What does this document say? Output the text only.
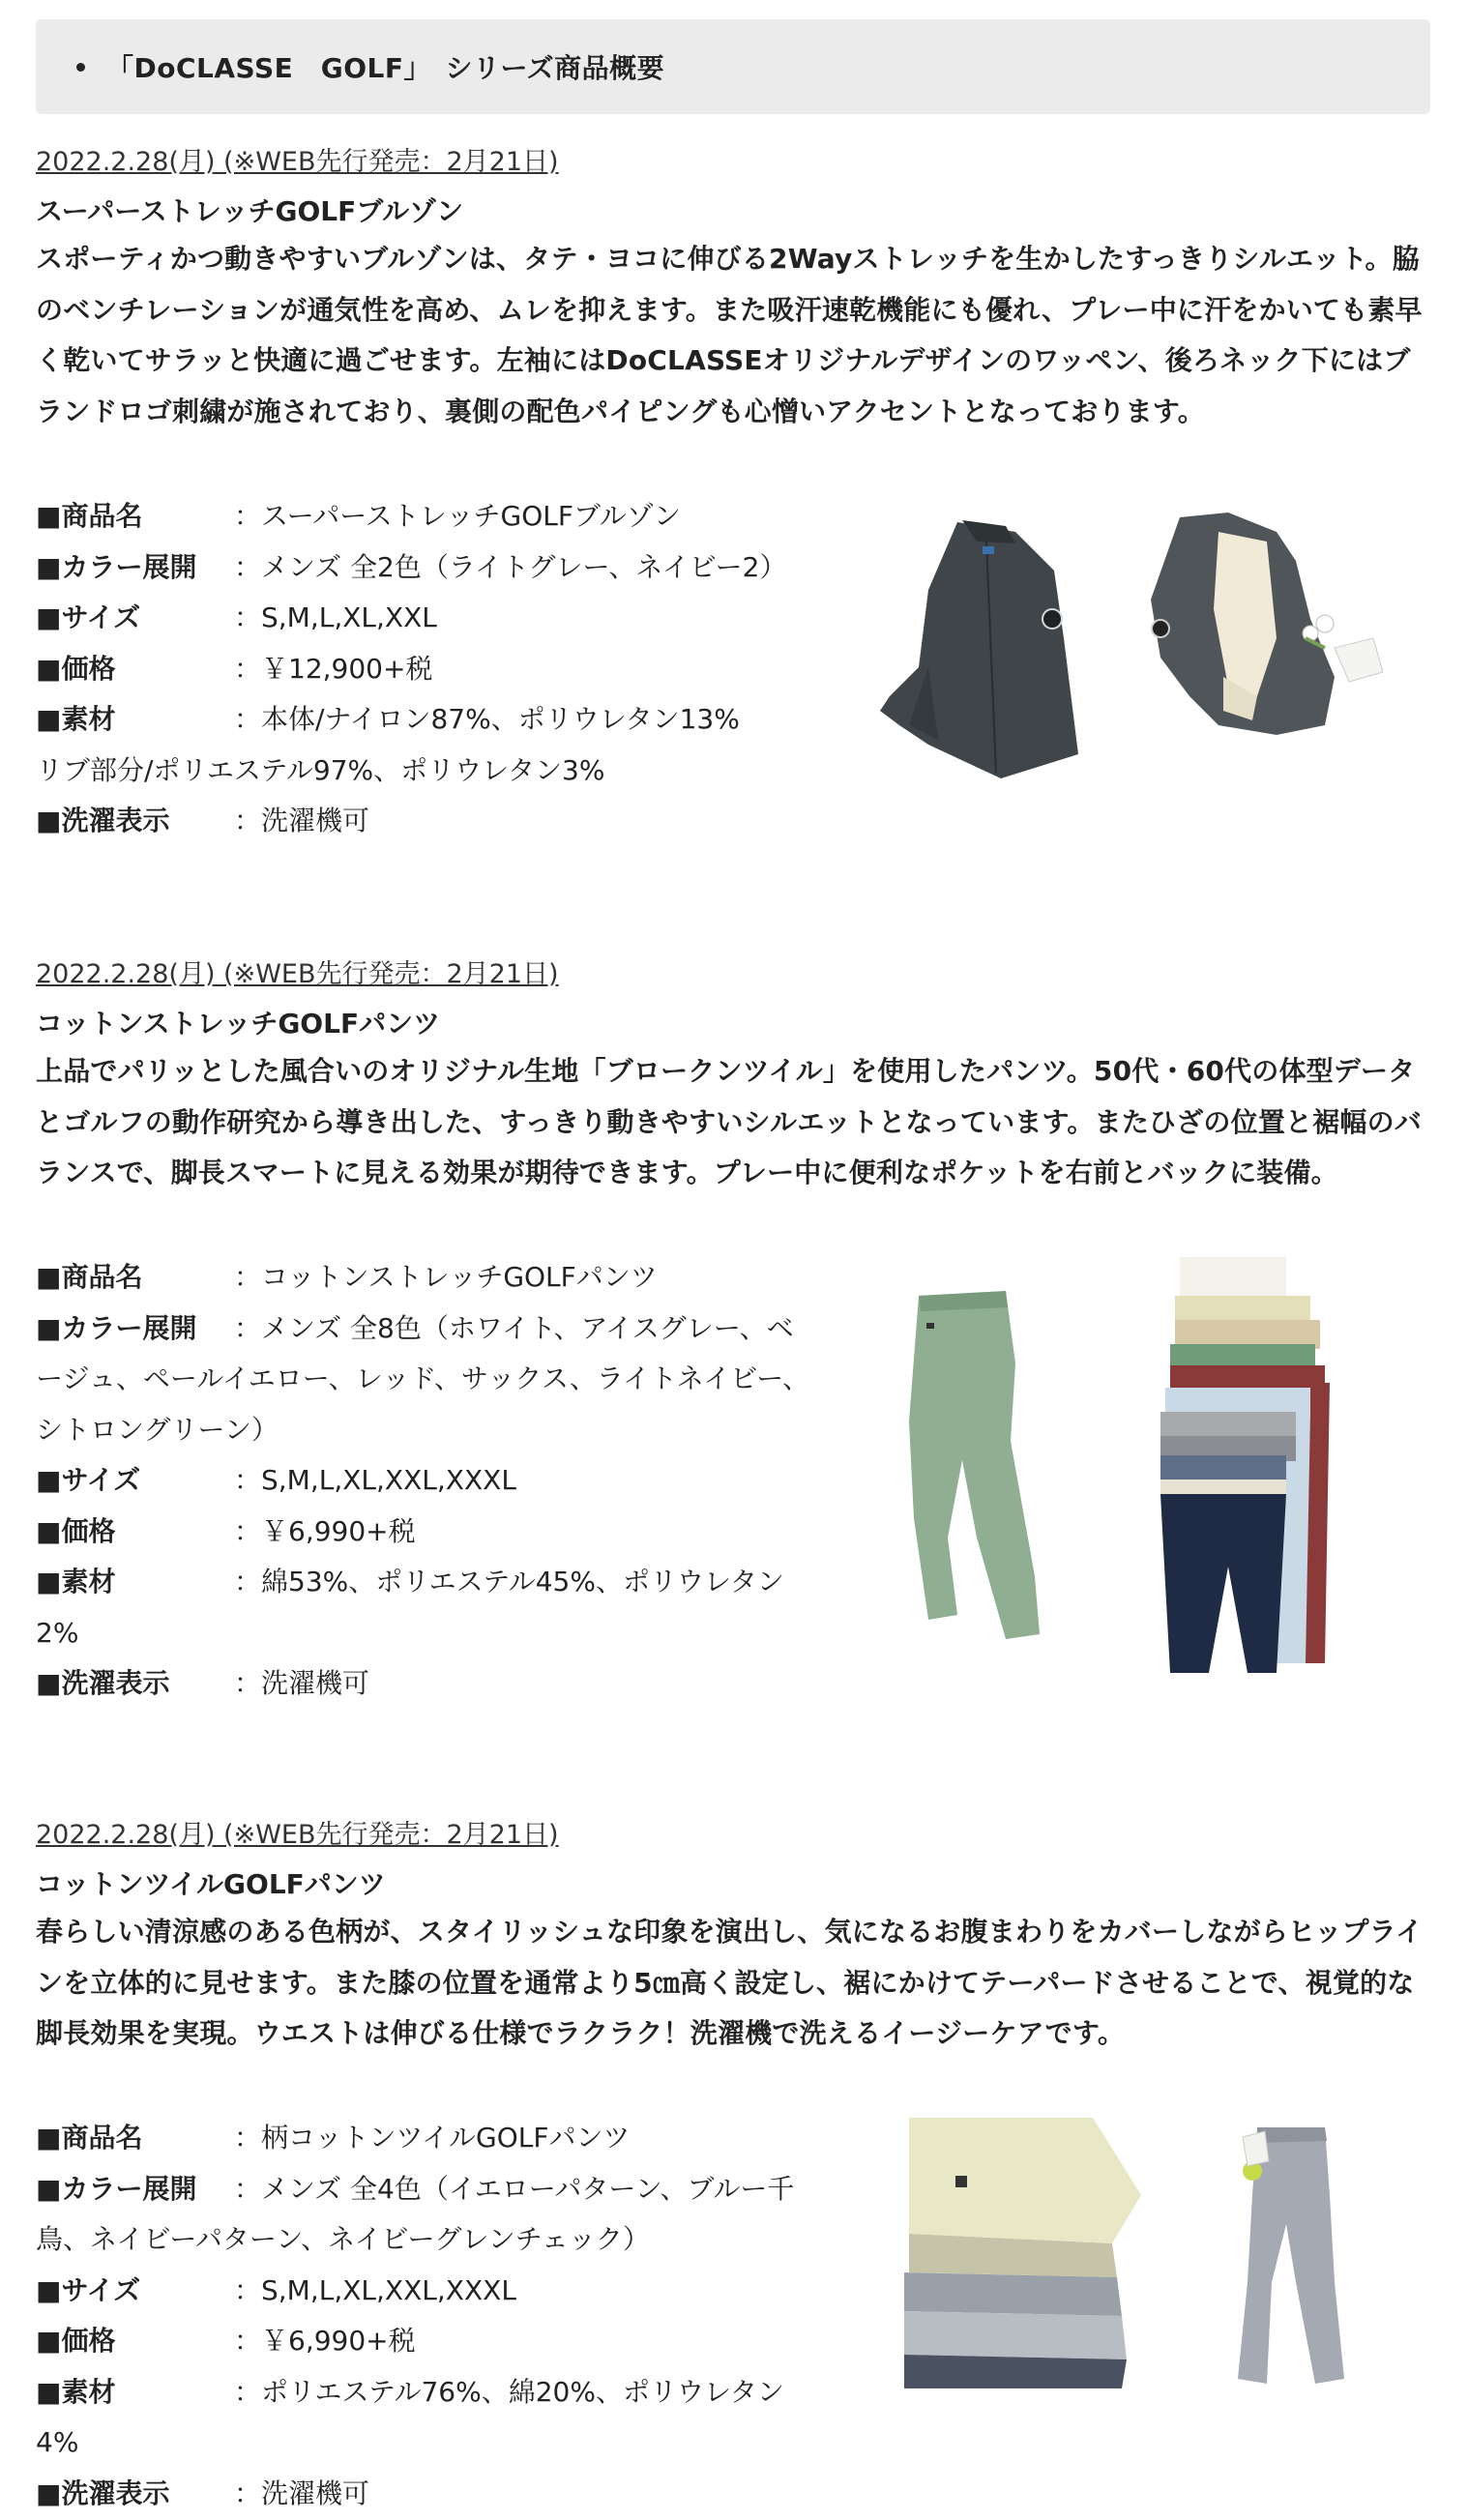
「DoCLASSE　GOLF」　シリーズ商品概要
2022.2.28(月) (※WEB先行発売：2月21日)
スーパーストレッチGOLFブルゾン
スポーティかつ動きやすいブルゾンは、タテ・ヨコに伸びる2Wayストレッチを生かしたすっきりシルエット。脇のベンチレーションが通気性を高め、ムレを抑えます。また吸汗速乾機能にも優れ、プレー中に汗をかいても素早く乾いてサラッと快適に過ごせます。左袖にはDoCLASSEオリジナルデザインのワッペン、後ろネック下にはブランドロゴ刺繍が施されており、裏側の配色パイピングも心憎いアクセントとなっております。
■商品名	：スーパーストレッチGOLFブルゾン
■カラー展開	：メンズ 全2色（ライトグレー、ネイビー2）
■サイズ	：S,M,L,XL,XXL
■価格	：￥12,900+税
■素材	：本体/ナイロン87%、ポリウレタン13%
リブ部分/ポリエステル97%、ポリウレタン3%
■洗濯表示	：洗濯機可
2022.2.28(月) (※WEB先行発売：2月21日)
コットンストレッチGOLFパンツ
上品でパリッとした風合いのオリジナル生地「ブロークンツイル」を使用したパンツ。50代・60代の体型データとゴルフの動作研究から導き出した、すっきり動きやすいシルエットとなっています。またひざの位置と裾幅のバランスで、脚長スマートに見える効果が期待できます。プレー中に便利なポケットを右前とバックに装備。
■商品名	：コットンストレッチGOLFパンツ
■カラー展開 ：メンズ 全8色（ホワイト、アイスグレー、ベージュ、ペールイエロー、レッド、サックス、ライトネイビー、シトロングリーン）
■サイズ	：S,M,L,XL,XXL,XXXL
■価格	：￥6,990+税
■素材	：綿53%、ポリエステル45%、ポリウレタン2%
■洗濯表示	：洗濯機可
2022.2.28(月) (※WEB先行発売：2月21日)
コットンツイルGOLFパンツ
春らしい清涼感のある色柄が、スタイリッシュな印象を演出し、気になるお腹まわりをカバーしながらヒップラインを立体的に見せます。また膝の位置を通常より5㎝高く設定し、裾にかけてテーパードさせることで、視覚的な脚長効果を実現。ウエストは伸びる仕様でラクラク！洗濯機で洗えるイージーケアです。
■商品名	：柄コットンツイルGOLFパンツ
■カラー展開 ：メンズ 全4色（イエローパターン、ブルー千鳥、ネイビーパターン、ネイビーグレンチェック）
■サイズ	：S,M,L,XL,XXL,XXXL
■価格	：￥6,990+税
■素材	：ポリエステル76%、綿20%、ポリウレタン4%
■洗濯表示	：洗濯機可
